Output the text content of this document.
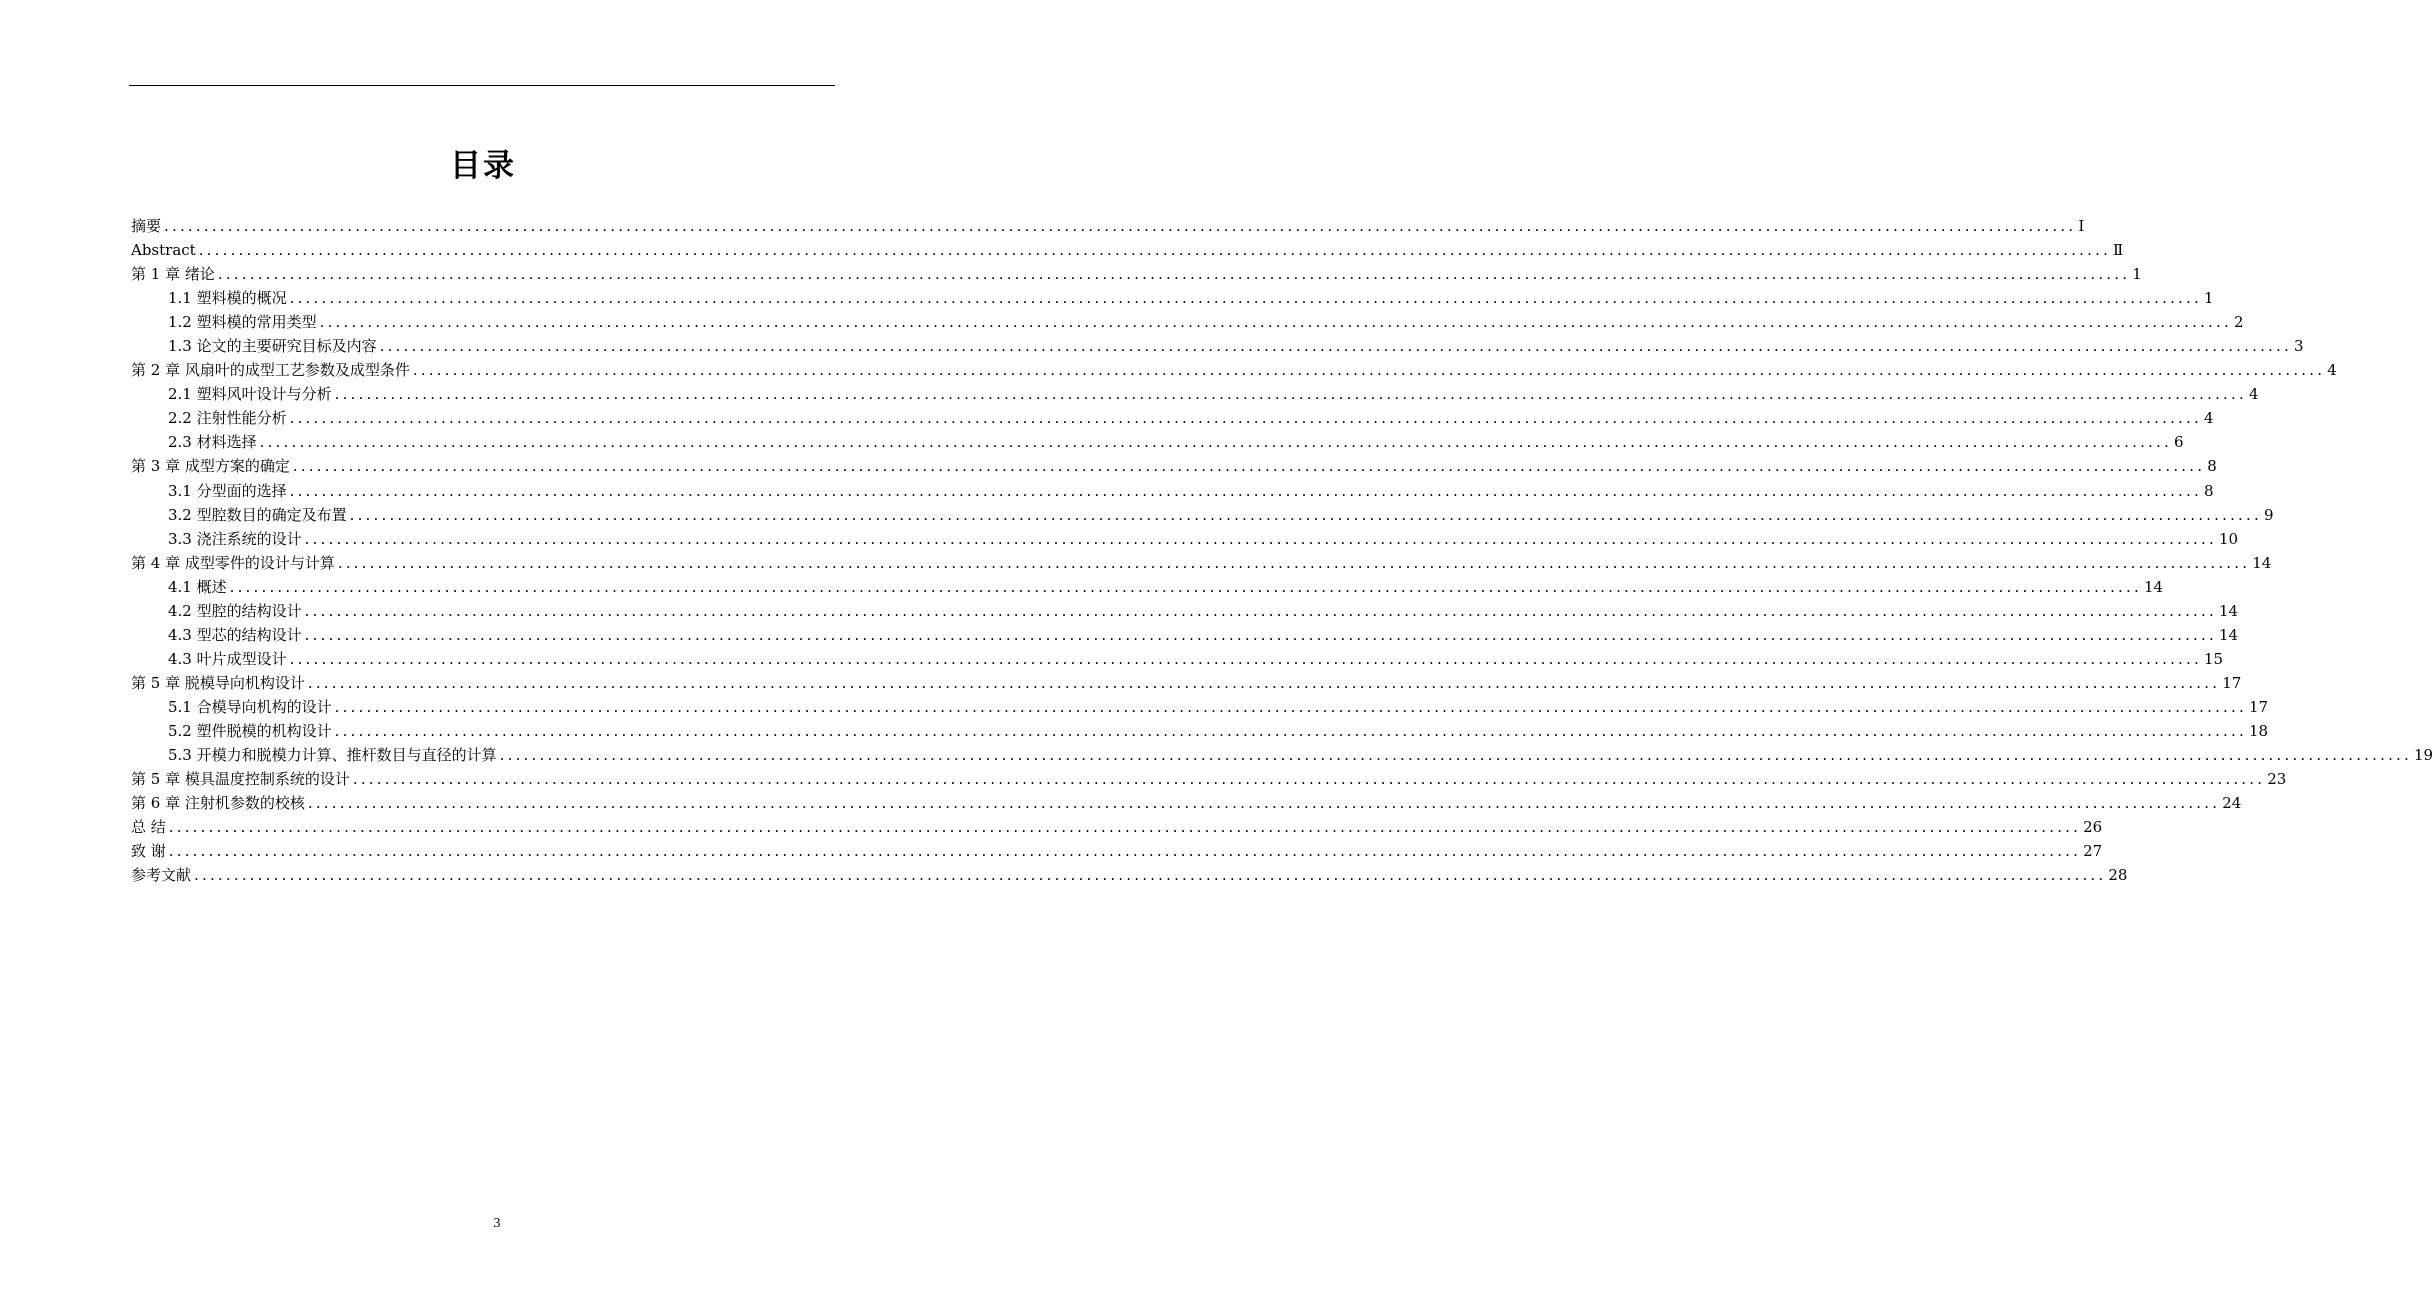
目录
摘要 ................................................................................................................................................................................................................................................ Ⅰ
Abstract ................................................................................................................................................................................................................................................ Ⅱ
第 1 章 绪论 ................................................................................................................................................................................................................................................ 1
1.1 塑料模的概况 ................................................................................................................................................................................................................................................ 1
1.2 塑料模的常用类型 ................................................................................................................................................................................................................................................ 2
1.3 论文的主要研究目标及内容 ................................................................................................................................................................................................................................................ 3
第 2 章 风扇叶的成型工艺参数及成型条件 ................................................................................................................................................................................................................................................ 4
2.1 塑料风叶设计与分析 ................................................................................................................................................................................................................................................ 4
2.2 注射性能分析 ................................................................................................................................................................................................................................................ 4
2.3 材料选择 ................................................................................................................................................................................................................................................ 6
第 3 章 成型方案的确定 ................................................................................................................................................................................................................................................ 8
3.1 分型面的选择 ................................................................................................................................................................................................................................................ 8
3.2 型腔数目的确定及布置 ................................................................................................................................................................................................................................................ 9
3.3 浇注系统的设计 ................................................................................................................................................................................................................................................ 10
第 4 章 成型零件的设计与计算 ................................................................................................................................................................................................................................................ 14
4.1 概述 ................................................................................................................................................................................................................................................ 14
4.2 型腔的结构设计 ................................................................................................................................................................................................................................................ 14
4.3 型芯的结构设计 ................................................................................................................................................................................................................................................ 14
4.3 叶片成型设计 ................................................................................................................................................................................................................................................ 15
第 5 章 脱模导向机构设计 ................................................................................................................................................................................................................................................ 17
5.1 合模导向机构的设计 ................................................................................................................................................................................................................................................ 17
5.2 塑件脱模的机构设计 ................................................................................................................................................................................................................................................ 18
5.3 开模力和脱模力计算、推杆数目与直径的计算 ................................................................................................................................................................................................................................................ 19
第 5 章 模具温度控制系统的设计 ................................................................................................................................................................................................................................................ 23
第 6 章 注射机参数的校核 ................................................................................................................................................................................................................................................ 24
总 结 ................................................................................................................................................................................................................................................ 26
致 谢 ................................................................................................................................................................................................................................................ 27
参考文献 ................................................................................................................................................................................................................................................ 28
3
